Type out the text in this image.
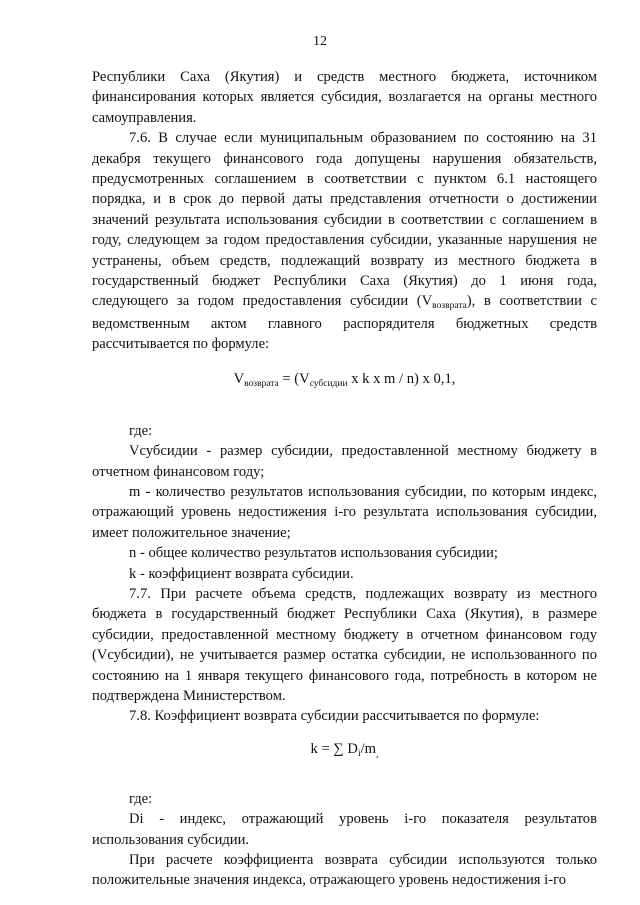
12

Республики Саха (Якутия) и средств местного бюджета, источником финансирования которых является субсидия, возлагается на органы местного самоуправления.

7.6. В случае если муниципальным образованием по состоянию на 31 декабря текущего финансового года допущены нарушения обязательств, предусмотренных соглашением в соответствии с пунктом 6.1 настоящего порядка, и в срок до первой даты представления отчетности о достижении значений результата использования субсидии в соответствии с соглашением в году, следующем за годом предоставления субсидии, указанные нарушения не устранены, объем средств, подлежащий возврату из местного бюджета в государственный бюджет Республики Саха (Якутия) до 1 июня года, следующего за годом предоставления субсидии $(V_{возврата})$, в соответствии с ведомственным актом главного распорядителя бюджетных средств рассчитывается по формуле:

$V_{возврата} = (V_{субсидии}$ x k x m / n) x 0,1,

где:

Vсубсидии - размер субсидии, предоставленной местному бюджету в отчетном финансовом году;

m - количество результатов использования субсидии, по которым индекс, отражающий уровень недостижения i-го результата использования субсидии, имеет положительное значение;

n - общее количество результатов использования субсидии;

k - коэффициент возврата субсидии.

7.7. При расчете объема средств, подлежащих возврату из местного бюджета в государственный бюджет Республики Саха (Якутия), в размере субсидии, предоставленной местному бюджету в отчетном финансовом году (Vсубсидии), не учитывается размер остатка субсидии, не использованного по состоянию на 1 января текущего финансового года, потребность в котором не подтверждена Министерством.

7.8. Коэффициент возврата субсидии рассчитывается по формуле:

k = ∑ $D_i/m_,$

где:

Di - индекс, отражающий уровень i-го показателя результатов использования субсидии.

При расчете коэффициента возврата субсидии используются только положительные значения индекса, отражающего уровень недостижения i-го
